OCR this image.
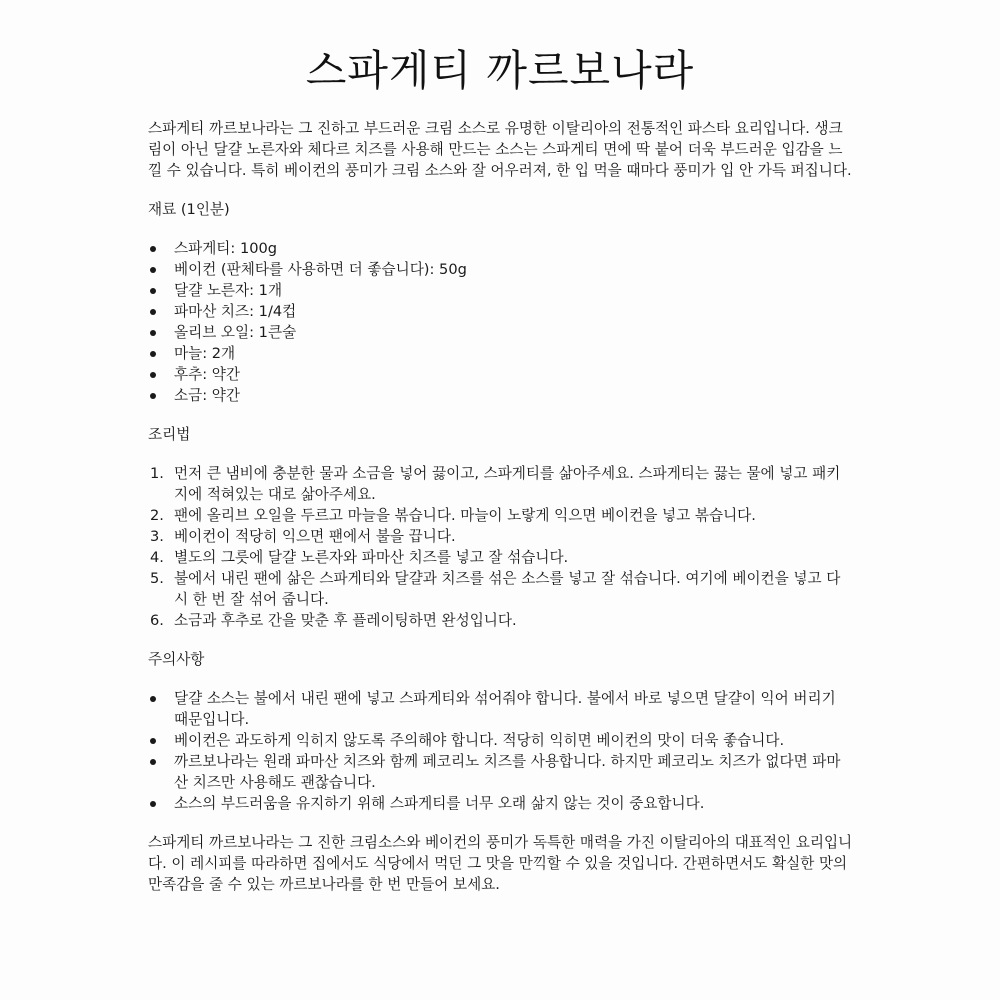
스파게티 까르보나라

스파게티 까르보나라는 그 진하고 부드러운 크림 소스로 유명한 이탈리아의 전통적인 파스타 요리입니다. 생크림이 아닌 달걀 노른자와 체다르 치즈를 사용해 만드는 소스는 스파게티 면에 딱 붙어 더욱 부드러운 입감을 느낄 수 있습니다. 특히 베이컨의 풍미가 크림 소스와 잘 어우러져, 한 입 먹을 때마다 풍미가 입 안 가득 퍼집니다.

재료 (1인분)

스파게티: 100g
베이컨 (판체타를 사용하면 더 좋습니다): 50g
달걀 노른자: 1개
파마산 치즈: 1/4컵
올리브 오일: 1큰술
마늘: 2개
후추: 약간
소금: 약간

조리법

1. 먼저 큰 냄비에 충분한 물과 소금을 넣어 끓이고, 스파게티를 삶아주세요. 스파게티는 끓는 물에 넣고 패키지에 적혀있는 대로 삶아주세요.
2. 팬에 올리브 오일을 두르고 마늘을 볶습니다. 마늘이 노랗게 익으면 베이컨을 넣고 볶습니다.
3. 베이컨이 적당히 익으면 팬에서 불을 끕니다.
4. 별도의 그릇에 달걀 노른자와 파마산 치즈를 넣고 잘 섞습니다.
5. 불에서 내린 팬에 삶은 스파게티와 달걀과 치즈를 섞은 소스를 넣고 잘 섞습니다. 여기에 베이컨을 넣고 다시 한 번 잘 섞어 줍니다.
6. 소금과 후추로 간을 맞춘 후 플레이팅하면 완성입니다.

주의사항

달걀 소스는 불에서 내린 팬에 넣고 스파게티와 섞어줘야 합니다. 불에서 바로 넣으면 달걀이 익어 버리기 때문입니다.
베이컨은 과도하게 익히지 않도록 주의해야 합니다. 적당히 익히면 베이컨의 맛이 더욱 좋습니다.
까르보나라는 원래 파마산 치즈와 함께 페코리노 치즈를 사용합니다. 하지만 페코리노 치즈가 없다면 파마산 치즈만 사용해도 괜찮습니다.
소스의 부드러움을 유지하기 위해 스파게티를 너무 오래 삶지 않는 것이 중요합니다.

스파게티 까르보나라는 그 진한 크림소스와 베이컨의 풍미가 독특한 매력을 가진 이탈리아의 대표적인 요리입니다. 이 레시피를 따라하면 집에서도 식당에서 먹던 그 맛을 만끽할 수 있을 것입니다. 간편하면서도 확실한 맛의 만족감을 줄 수 있는 까르보나라를 한 번 만들어 보세요.
